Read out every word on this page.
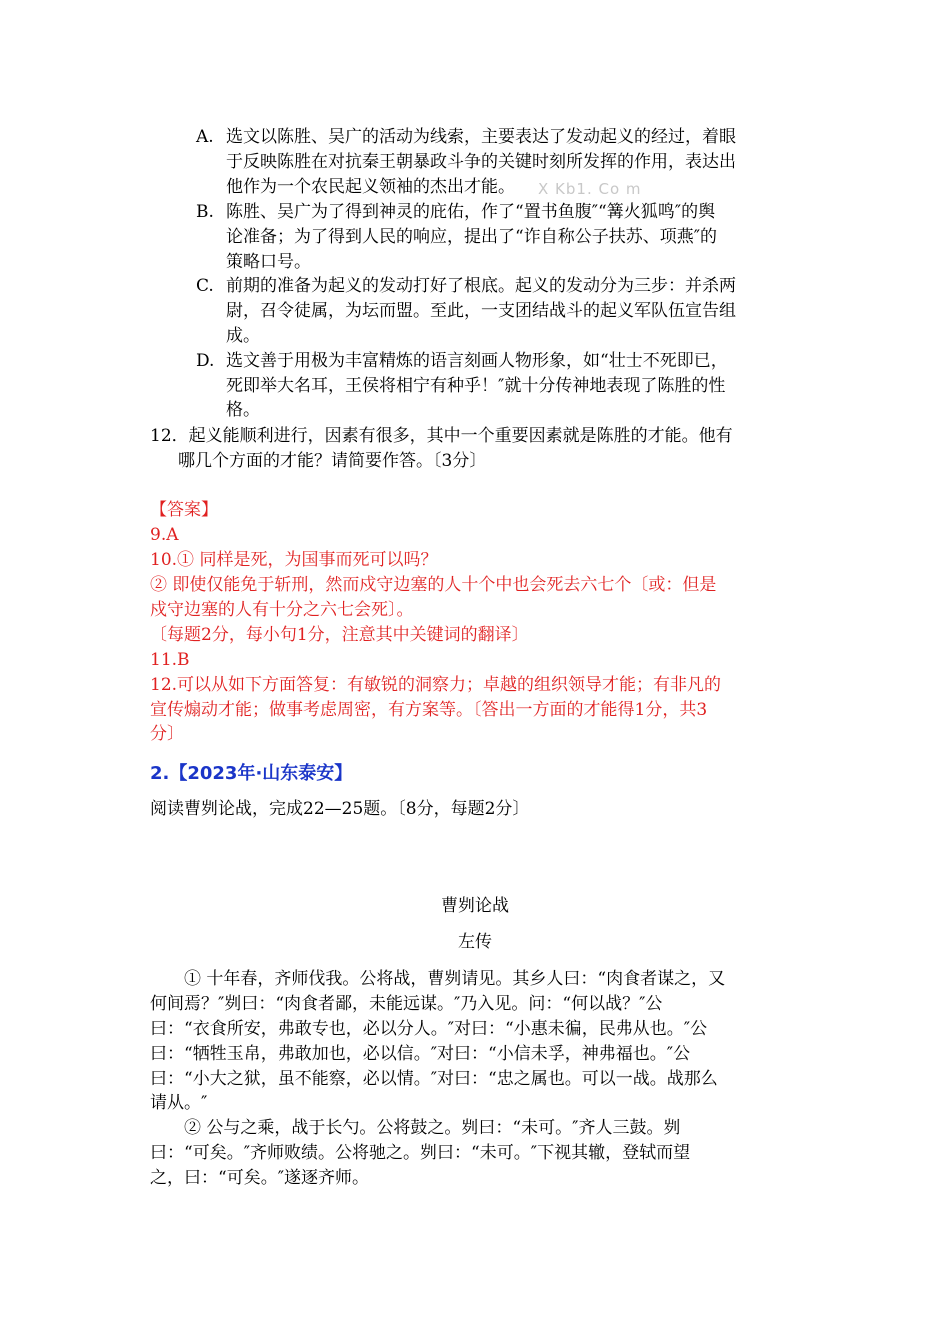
A. 选文以陈胜、吴广的活动为线索，主要表达了发动起义的经过，着眼
于反映陈胜在对抗秦王朝暴政斗争的关键时刻所发挥的作用，表达出
他作为一个农民起义领袖的杰出才能。 X Kb1. Co m
B. 陈胜、吴广为了得到神灵的庇佑，作了“置书鱼腹″“篝火狐鸣″的舆
论准备；为了得到人民的响应，提出了“诈自称公子扶苏、项燕″的
策略口号。
C. 前期的准备为起义的发动打好了根底。起义的发动分为三步：并杀两
尉，召令徒属，为坛而盟。至此，一支团结战斗的起义军队伍宣告组
成。
D. 选文善于用极为丰富精炼的语言刻画人物形象，如“壮士不死即已，
死即举大名耳，王侯将相宁有种乎！″就十分传神地表现了陈胜的性
格。
12．起义能顺利进行，因素有很多，其中一个重要因素就是陈胜的才能。他有
哪几个方面的才能？请简要作答。〔3分〕
【答案】
9.A
10.① 同样是死，为国事而死可以吗？
② 即使仅能免于斩刑，然而戍守边塞的人十个中也会死去六七个〔或：但是
戍守边塞的人有十分之六七会死〕。
〔每题2分，每小句1分，注意其中关键词的翻译〕
11.B
12.可以从如下方面答复：有敏锐的洞察力；卓越的组织领导才能；有非凡的
宣传煽动才能；做事考虑周密，有方案等。〔答出一方面的才能得1分，共3
分〕
2.【2023年·山东泰安】
阅读曹刿论战，完成22—25题。〔8分，每题2分〕
曹刿论战
左传
① 十年春，齐师伐我。公将战，曹刿请见。其乡人曰：“肉食者谋之，又
何间焉？″刿曰：“肉食者鄙，未能远谋。″乃入见。问：“何以战？″公
曰：“衣食所安，弗敢专也，必以分人。″对曰：“小惠未徧，民弗从也。″公
曰：“牺牲玉帛，弗敢加也，必以信。″对曰：“小信未孚，神弗福也。″公
曰：“小大之狱，虽不能察，必以情。″对曰：“忠之属也。可以一战。战那么
请从。″
② 公与之乘，战于长勺。公将鼓之。刿曰：“未可。″齐人三鼓。刿
曰：“可矣。″齐师败绩。公将驰之。刿曰：“未可。″下视其辙，登轼而望
之，曰：“可矣。″遂逐齐师。
